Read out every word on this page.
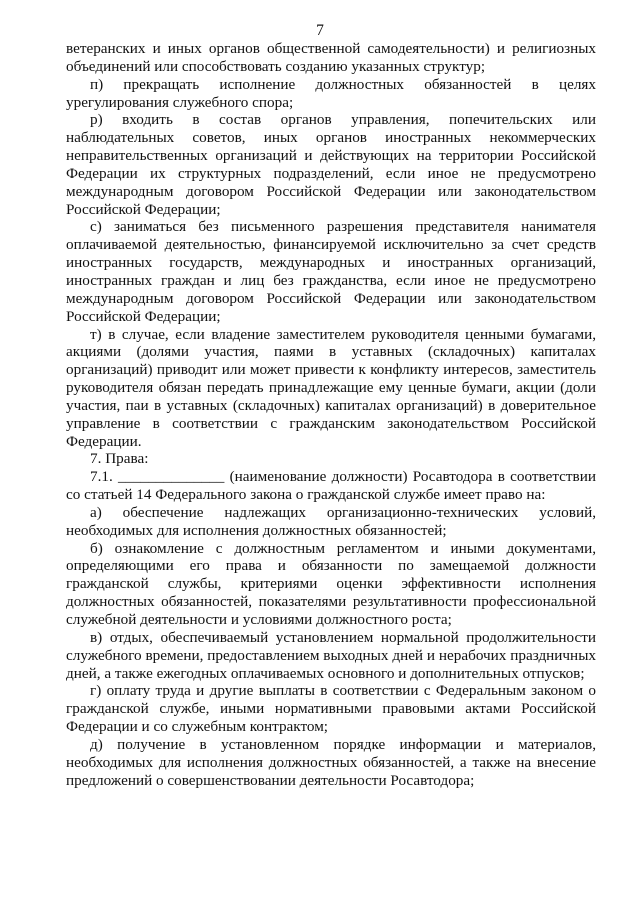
7

ветеранских и иных органов общественной самодеятельности) и религиозных объединений или способствовать созданию указанных структур;

п) прекращать исполнение должностных обязанностей в целях урегулирования служебного спора;

р) входить в состав органов управления, попечительских или наблюдательных советов, иных органов иностранных некоммерческих неправительственных организаций и действующих на территории Российской Федерации их структурных подразделений, если иное не предусмотрено международным договором Российской Федерации или законодательством Российской Федерации;

с) заниматься без письменного разрешения представителя нанимателя оплачиваемой деятельностью, финансируемой исключительно за счет средств иностранных государств, международных и иностранных организаций, иностранных граждан и лиц без гражданства, если иное не предусмотрено международным договором Российской Федерации или законодательством Российской Федерации;

т) в случае, если владение заместителем руководителя ценными бумагами, акциями (долями участия, паями в уставных (складочных) капиталах организаций) приводит или может привести к конфликту интересов, заместитель руководителя обязан передать принадлежащие ему ценные бумаги, акции (доли участия, паи в уставных (складочных) капиталах организаций) в доверительное управление в соответствии с гражданским законодательством Российской Федерации.

7. Права:

7.1. ______________ (наименование должности) Росавтодора в соответствии со статьей 14 Федерального закона о гражданской службе имеет право на:

а) обеспечение надлежащих организационно-технических условий, необходимых для исполнения должностных обязанностей;

б) ознакомление с должностным регламентом и иными документами, определяющими его права и обязанности по замещаемой должности гражданской службы, критериями оценки эффективности исполнения должностных обязанностей, показателями результативности профессиональной служебной деятельности и условиями должностного роста;

в) отдых, обеспечиваемый установлением нормальной продолжительности служебного времени, предоставлением выходных дней и нерабочих праздничных дней, а также ежегодных оплачиваемых основного и дополнительных отпусков;

г) оплату труда и другие выплаты в соответствии с Федеральным законом о гражданской службе, иными нормативными правовыми актами Российской Федерации и со служебным контрактом;

д) получение в установленном порядке информации и материалов, необходимых для исполнения должностных обязанностей, а также на внесение предложений о совершенствовании деятельности Росавтодора;
